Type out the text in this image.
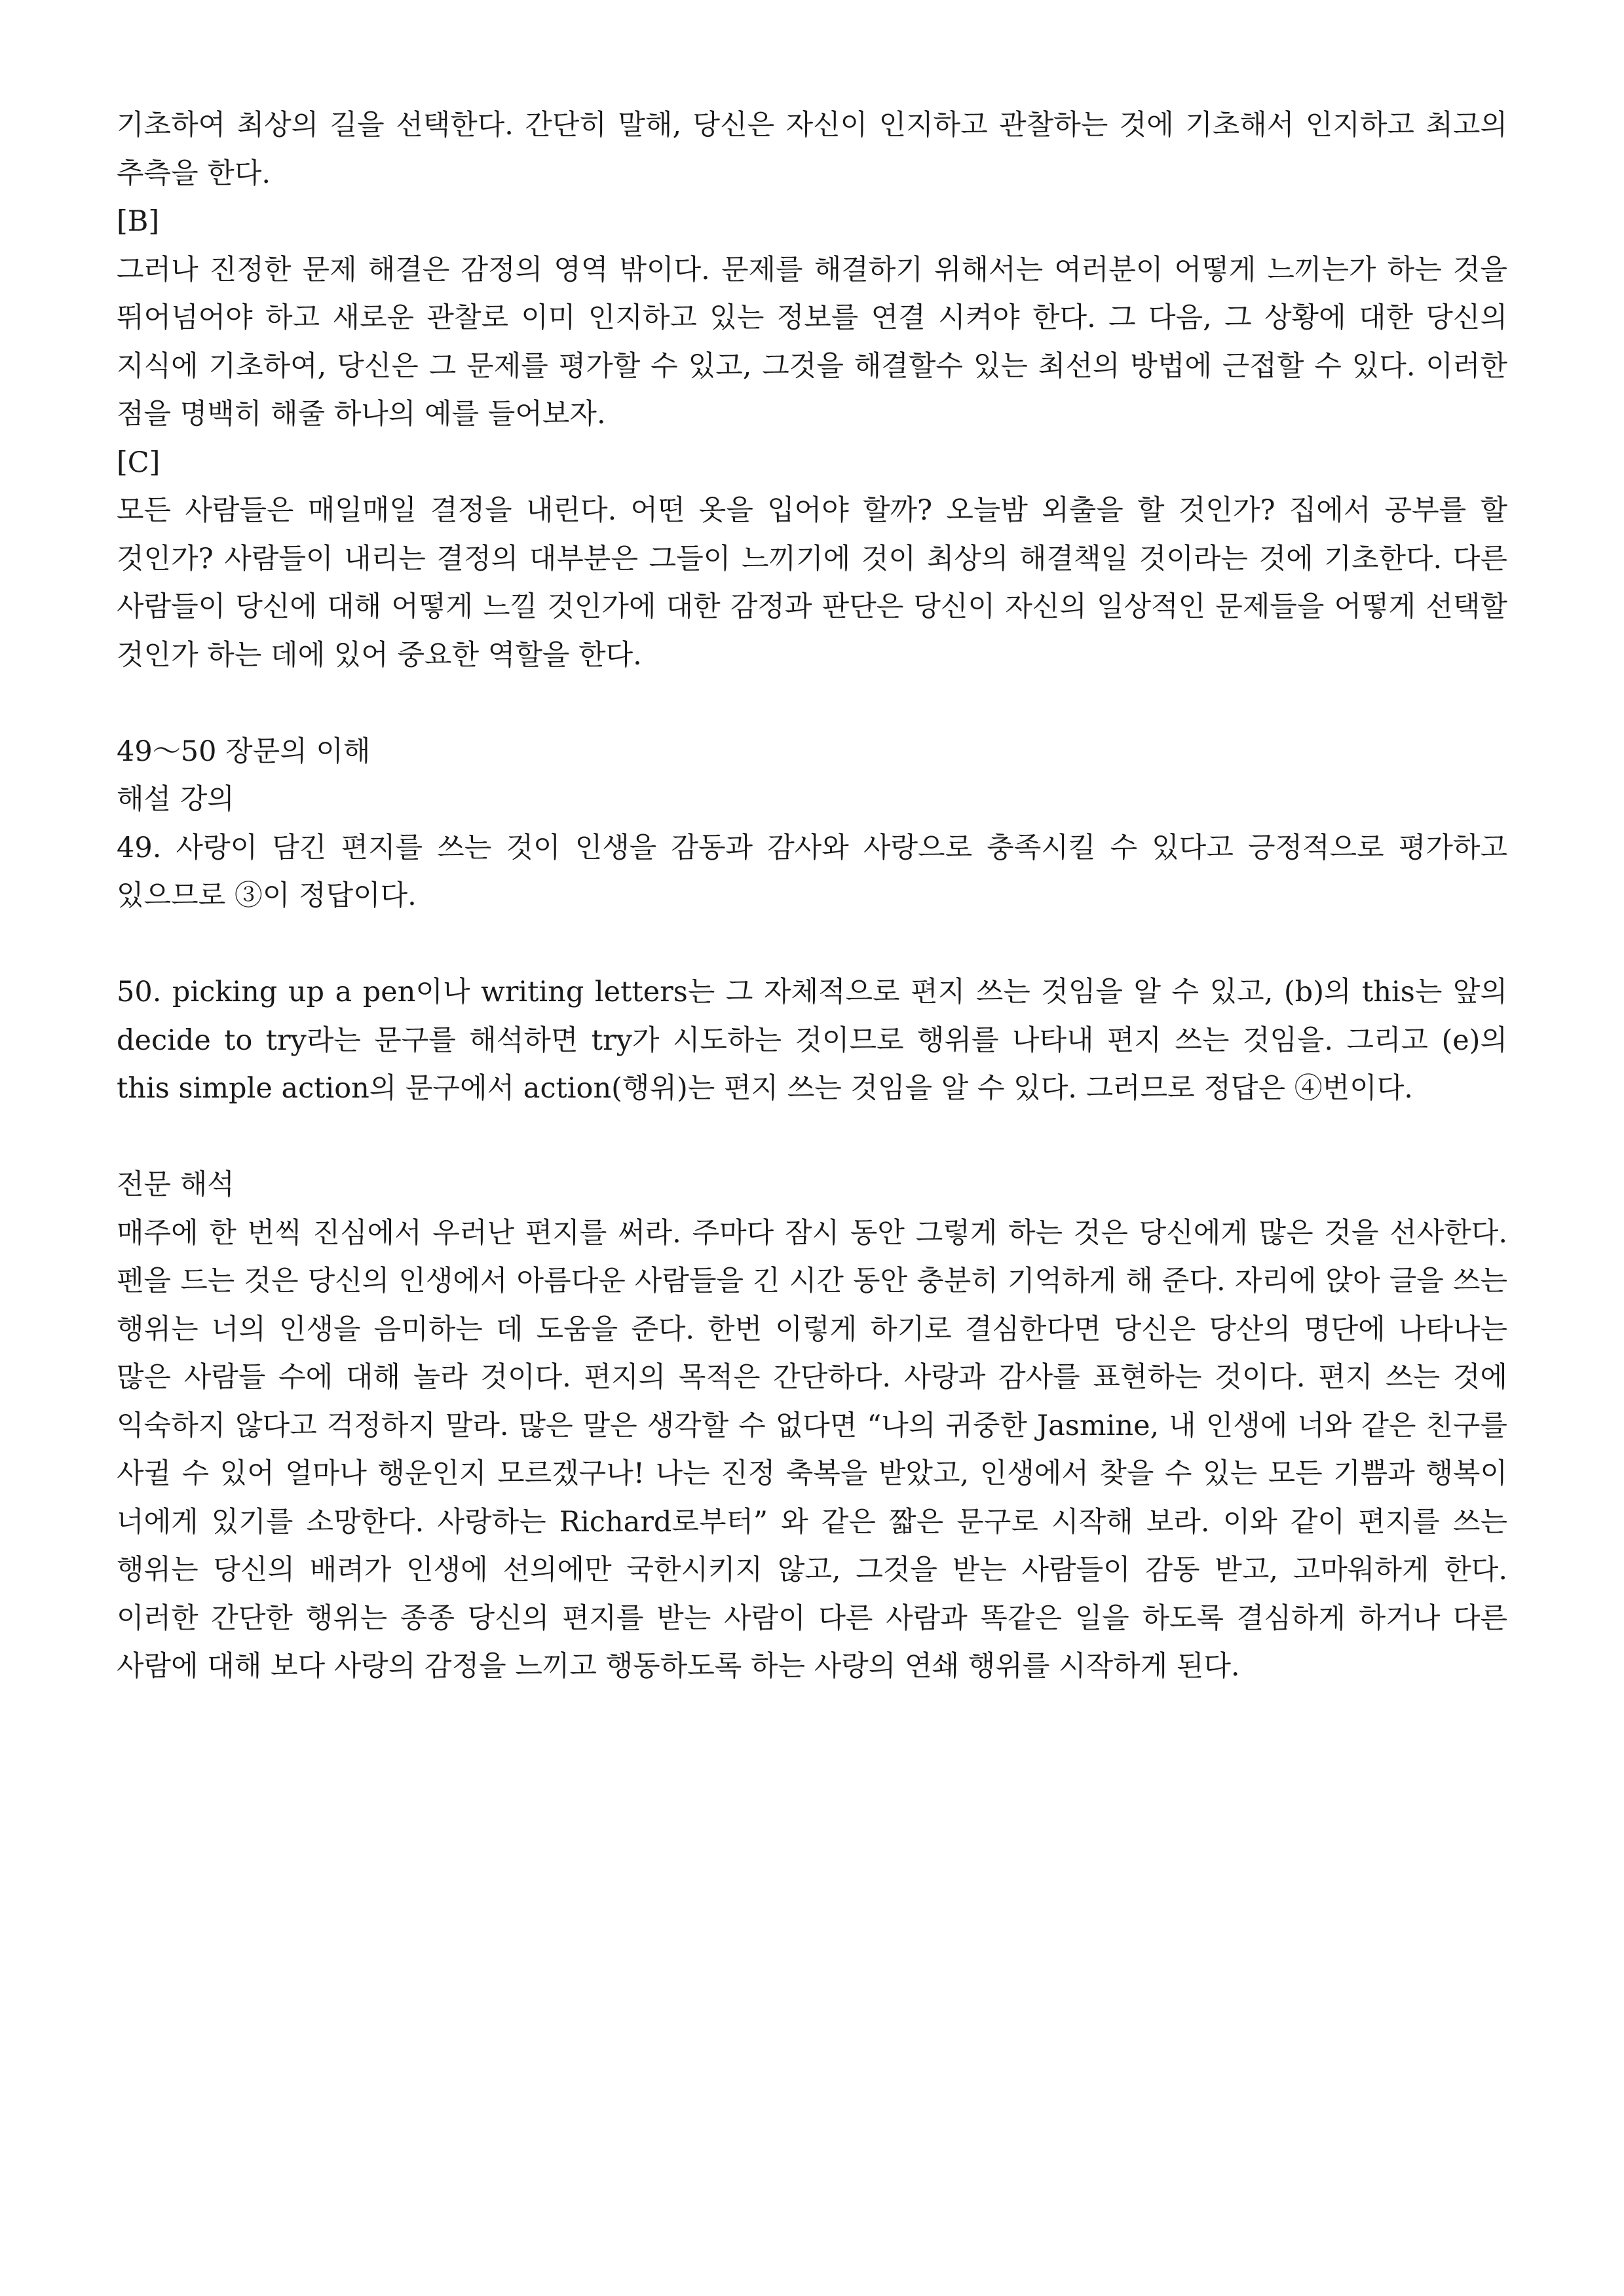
기초하여 최상의 길을 선택한다. 간단히 말해, 당신은 자신이 인지하고 관찰하는 것에 기초해서 인지하고 최고의 추측을 한다.

[B]

그러나 진정한 문제 해결은 감정의 영역 밖이다. 문제를 해결하기 위해서는 여러분이 어떻게 느끼는가 하는 것을 뛰어넘어야 하고 새로운 관찰로 이미 인지하고 있는 정보를 연결 시켜야 한다. 그 다음, 그 상황에 대한 당신의 지식에 기초하여, 당신은 그 문제를 평가할 수 있고, 그것을 해결할수 있는 최선의 방법에 근접할 수 있다. 이러한 점을 명백히 해줄 하나의 예를 들어보자.

[C]

모든 사람들은 매일매일 결정을 내린다. 어떤 옷을 입어야 할까? 오늘밤 외출을 할 것인가? 집에서 공부를 할 것인가? 사람들이 내리는 결정의 대부분은 그들이 느끼기에 것이 최상의 해결책일 것이라는 것에 기초한다. 다른 사람들이 당신에 대해 어떻게 느낄 것인가에 대한 감정과 판단은 당신이 자신의 일상적인 문제들을 어떻게 선택할 것인가 하는 데에 있어 중요한 역할을 한다.

49～50 장문의 이해

해설 강의

49. 사랑이 담긴 편지를 쓰는 것이 인생을 감동과 감사와 사랑으로 충족시킬 수 있다고 긍정적으로 평가하고 있으므로 ③이 정답이다.

50. picking up a pen이나 writing letters는 그 자체적으로 편지 쓰는 것임을 알 수 있고, (b)의 this는 앞의 decide to try라는 문구를 해석하면 try가 시도하는 것이므로 행위를 나타내 편지 쓰는 것임을. 그리고 (e)의 this simple action의 문구에서 action(행위)는 편지 쓰는 것임을 알 수 있다. 그러므로 정답은 ④번이다.

전문 해석

매주에 한 번씩 진심에서 우러난 편지를 써라. 주마다 잠시 동안 그렇게 하는 것은 당신에게 많은 것을 선사한다. 펜을 드는 것은 당신의 인생에서 아름다운 사람들을 긴 시간 동안 충분히 기억하게 해 준다. 자리에 앉아 글을 쓰는 행위는 너의 인생을 음미하는 데 도움을 준다. 한번 이렇게 하기로 결심한다면 당신은 당산의 명단에 나타나는 많은 사람들 수에 대해 놀라 것이다. 편지의 목적은 간단하다. 사랑과 감사를 표현하는 것이다. 편지 쓰는 것에 익숙하지 않다고 걱정하지 말라. 많은 말은 생각할 수 없다면 “나의 귀중한 Jasmine, 내 인생에 너와 같은 친구를 사귈 수 있어 얼마나 행운인지 모르겠구나! 나는 진정 축복을 받았고, 인생에서 찾을 수 있는 모든 기쁨과 행복이 너에게 있기를 소망한다. 사랑하는 Richard로부터” 와 같은 짧은 문구로 시작해 보라. 이와 같이 편지를 쓰는 행위는 당신의 배려가 인생에 선의에만 국한시키지 않고, 그것을 받는 사람들이 감동 받고, 고마워하게 한다. 이러한 간단한 행위는 종종 당신의 편지를 받는 사람이 다른 사람과 똑같은 일을 하도록 결심하게 하거나 다른 사람에 대해 보다 사랑의 감정을 느끼고 행동하도록 하는 사랑의 연쇄 행위를 시작하게 된다.
